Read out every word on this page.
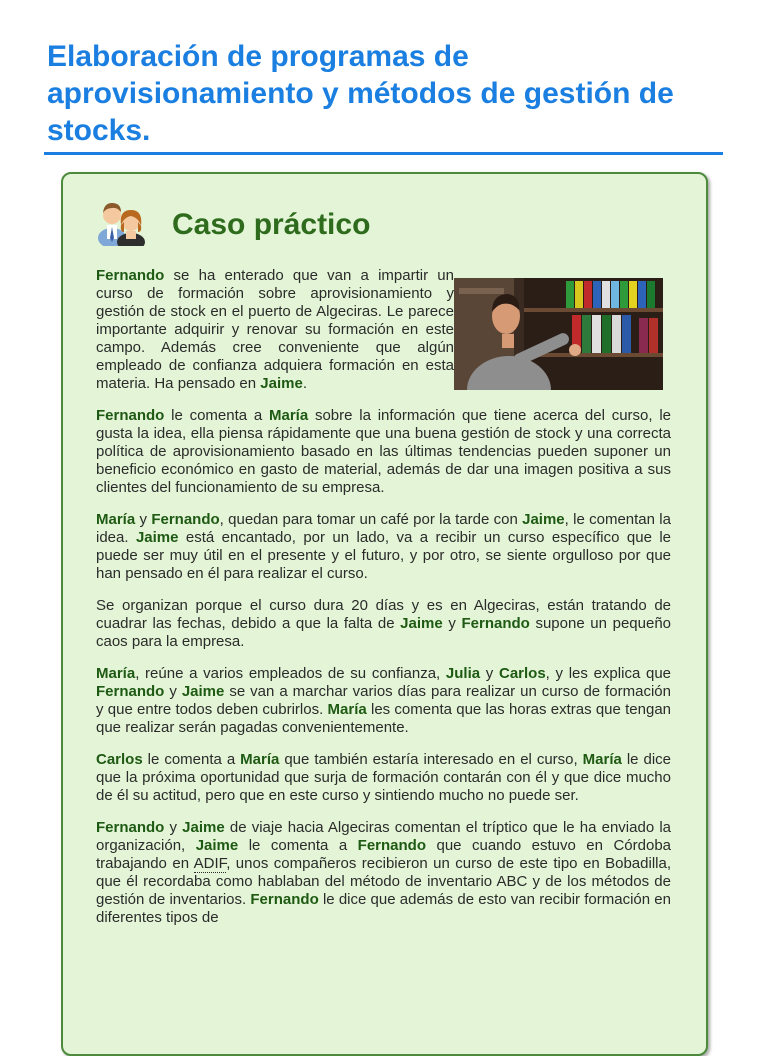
Elaboración de programas de aprovisionamiento y métodos de gestión de stocks.
Caso práctico

Fernando se ha enterado que van a impartir un curso de formación sobre aprovisionamiento y gestión de stock en el puerto de Algeciras. Le parece importante adquirir y renovar su formación en este campo. Además cree conveniente que algún empleado de confianza adquiera formación en esta materia. Ha pensado en Jaime.

Fernando le comenta a María sobre la información que tiene acerca del curso, le gusta la idea, ella piensa rápidamente que una buena gestión de stock y una correcta política de aprovisionamiento basado en las últimas tendencias pueden suponer un beneficio económico en gasto de material, además de dar una imagen positiva a sus clientes del funcionamiento de su empresa.

María y Fernando, quedan para tomar un café por la tarde con Jaime, le comentan la idea. Jaime está encantado, por un lado, va a recibir un curso específico que le puede ser muy útil en el presente y el futuro, y por otro, se siente orgulloso por que han pensado en él para realizar el curso.

Se organizan porque el curso dura 20 días y es en Algeciras, están tratando de cuadrar las fechas, debido a que la falta de Jaime y Fernando supone un pequeño caos para la empresa.

María, reúne a varios empleados de su confianza, Julia y Carlos, y les explica que Fernando y Jaime se van a marchar varios días para realizar un curso de formación y que entre todos deben cubrirlos. María les comenta que las horas extras que tengan que realizar serán pagadas convenientemente.

Carlos le comenta a María que también estaría interesado en el curso, María le dice que la próxima oportunidad que surja de formación contarán con él y que dice mucho de él su actitud, pero que en este curso y sintiendo mucho no puede ser.

Fernando y Jaime de viaje hacia Algeciras comentan el tríptico que le ha enviado la organización, Jaime le comenta a Fernando que cuando estuvo en Córdoba trabajando en ADIF, unos compañeros recibieron un curso de este tipo en Bobadilla, que él recordaba como hablaban del método de inventario ABC y de los métodos de gestión de inventarios. Fernando le dice que además de esto van recibir formación en diferentes tipos de
